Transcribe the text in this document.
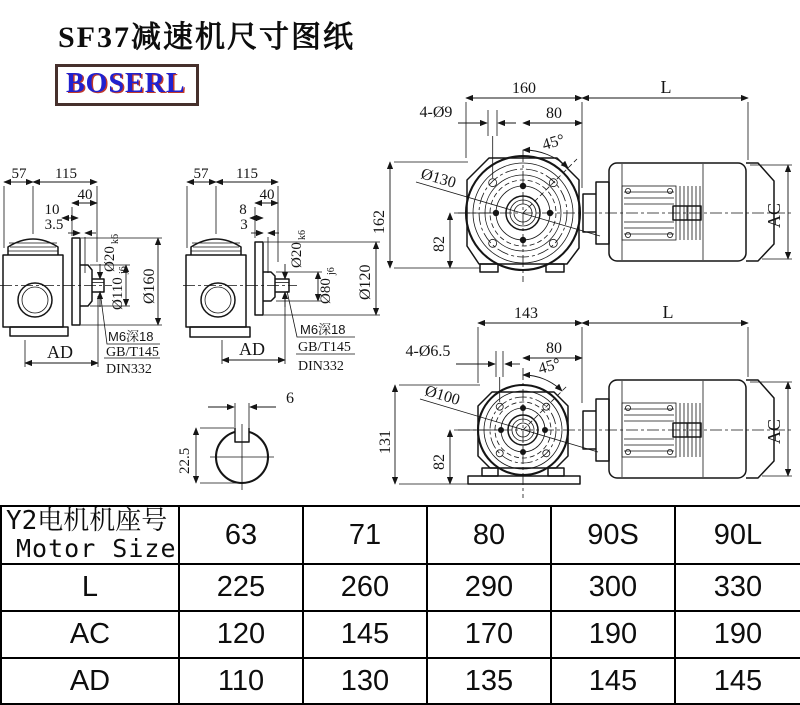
SF37减速机尺寸图纸
BOSERL
57 115
40
10
3.5
Ø20
k6
Ø110
j6 Ø160
AD
M6深18
GB/T145
DIN332
57 115
40
8
3
Ø20
k6
Ø80
j6 Ø120
AD
M6深18
GB/T145
DIN332
160	L
4-Ø9	80
45°
Ø130
162
82
AC
143	L
4-Ø6.5	80
45°
Ø100
131
82
AC
6
22.5
Y2电机机座号
Motor Size	63	71	80	90S	90L
L	225	260	290	300	330
AC	120	145	170	190	190
AD	110	130	135	145	145
